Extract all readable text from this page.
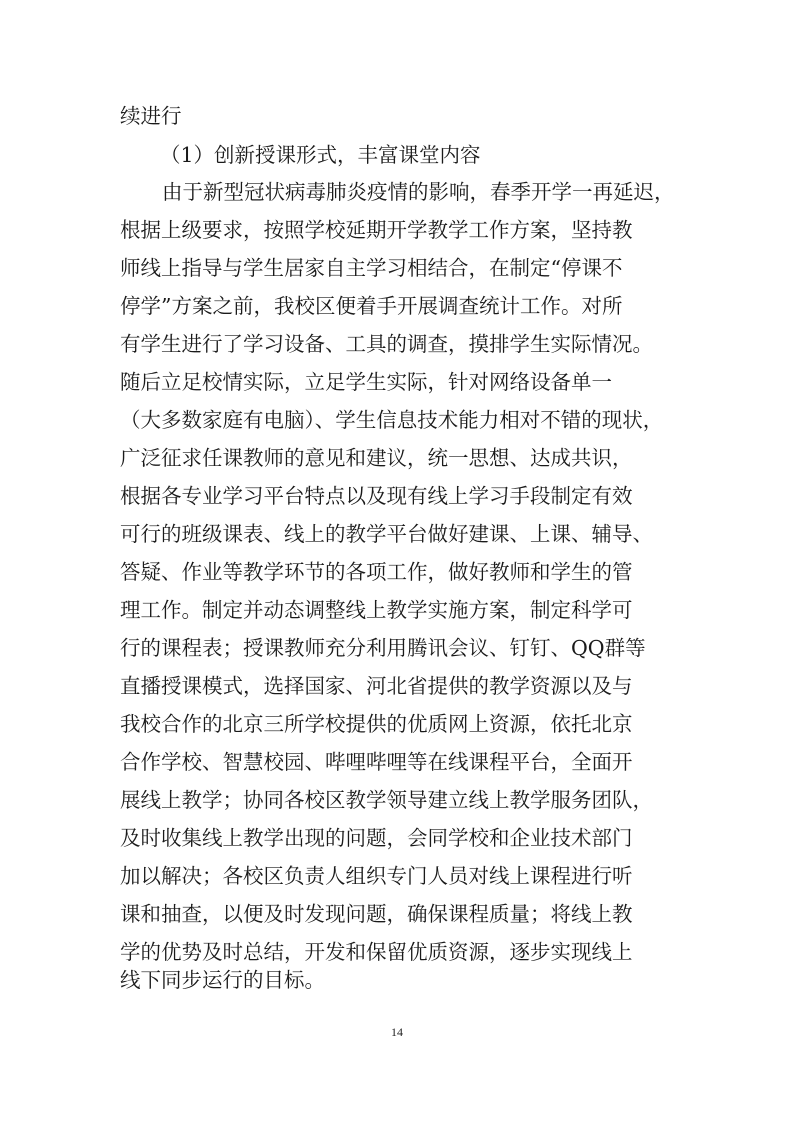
续进行
（1）创新授课形式，丰富课堂内容
由于新型冠状病毒肺炎疫情的影响，春季开学一再延迟，
根据上级要求，按照学校延期开学教学工作方案，坚持教
师线上指导与学生居家自主学习相结合，在制定“停课不
停学”方案之前，我校区便着手开展调查统计工作。对所
有学生进行了学习设备、工具的调查，摸排学生实际情况。
随后立足校情实际，立足学生实际，针对网络设备单一
（大多数家庭有电脑）、学生信息技术能力相对不错的现状，
广泛征求任课教师的意见和建议，统一思想、达成共识，
根据各专业学习平台特点以及现有线上学习手段制定有效
可行的班级课表、线上的教学平台做好建课、上课、辅导、
答疑、作业等教学环节的各项工作，做好教师和学生的管
理工作。制定并动态调整线上教学实施方案，制定科学可
行的课程表；授课教师充分利用腾讯会议、钉钉、QQ群等
直播授课模式，选择国家、河北省提供的教学资源以及与
我校合作的北京三所学校提供的优质网上资源，依托北京
合作学校、智慧校园、哔哩哔哩等在线课程平台，全面开
展线上教学；协同各校区教学领导建立线上教学服务团队，
及时收集线上教学出现的问题，会同学校和企业技术部门
加以解决；各校区负责人组织专门人员对线上课程进行听
课和抽查，以便及时发现问题，确保课程质量；将线上教
学的优势及时总结，开发和保留优质资源，逐步实现线上
线下同步运行的目标。
14
